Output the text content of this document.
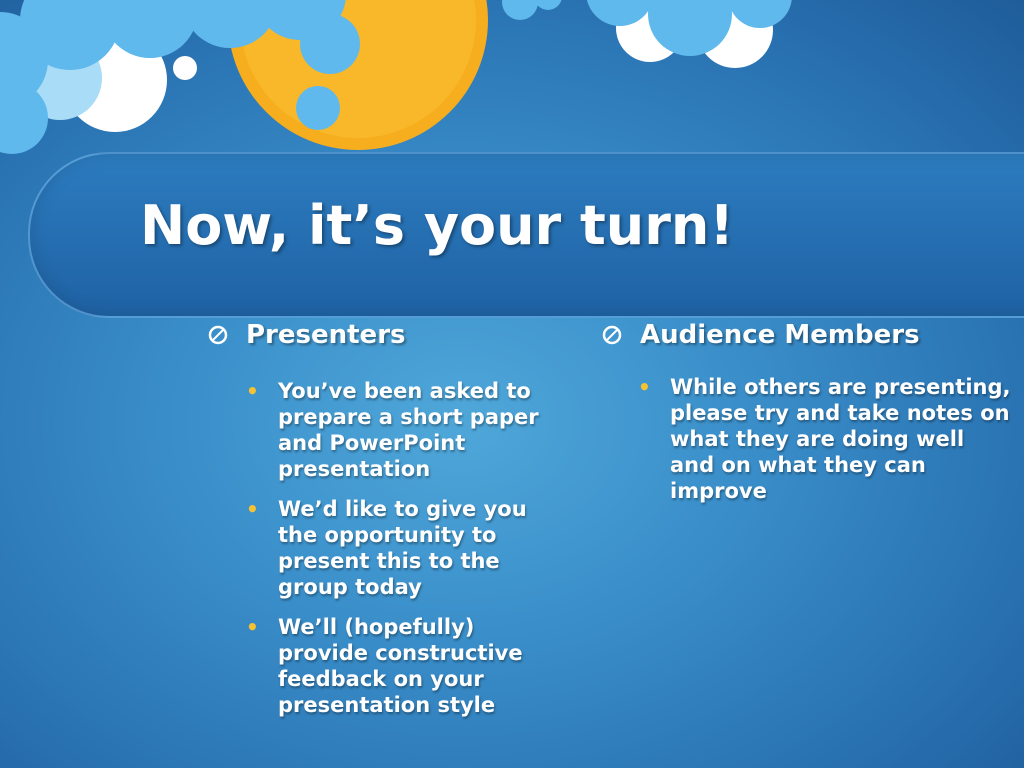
Now, it’s your turn!
Presenters
• You’ve been asked to prepare a short paper and PowerPoint presentation
• We’d like to give you the opportunity to present this to the group today
• We’ll (hopefully) provide constructive feedback on your presentation style
Audience Members
• While others are presenting, please try and take notes on what they are doing well and on what they can improve
